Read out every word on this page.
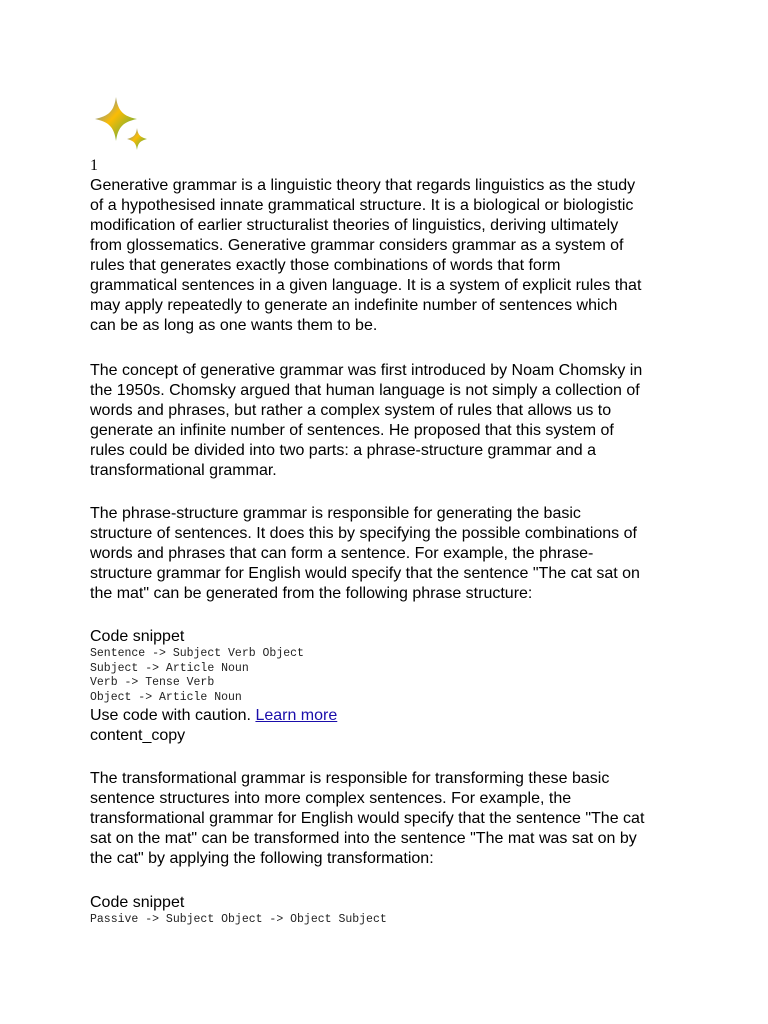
1

Generative grammar is a linguistic theory that regards linguistics as the study
of a hypothesised innate grammatical structure. It is a biological or biologistic
modification of earlier structuralist theories of linguistics, deriving ultimately
from glossematics. Generative grammar considers grammar as a system of
rules that generates exactly those combinations of words that form
grammatical sentences in a given language. It is a system of explicit rules that
may apply repeatedly to generate an indefinite number of sentences which
can be as long as one wants them to be.

The concept of generative grammar was first introduced by Noam Chomsky in
the 1950s. Chomsky argued that human language is not simply a collection of
words and phrases, but rather a complex system of rules that allows us to
generate an infinite number of sentences. He proposed that this system of
rules could be divided into two parts: a phrase-structure grammar and a
transformational grammar.

The phrase-structure grammar is responsible for generating the basic
structure of sentences. It does this by specifying the possible combinations of
words and phrases that can form a sentence. For example, the phrase-
structure grammar for English would specify that the sentence "The cat sat on
the mat" can be generated from the following phrase structure:

Code snippet
Sentence -> Subject Verb Object
Subject -> Article Noun
Verb -> Tense Verb
Object -> Article Noun
Use code with caution. Learn more
content_copy

The transformational grammar is responsible for transforming these basic
sentence structures into more complex sentences. For example, the
transformational grammar for English would specify that the sentence "The cat
sat on the mat" can be transformed into the sentence "The mat was sat on by
the cat" by applying the following transformation:

Code snippet
Passive -> Subject Object -> Object Subject
